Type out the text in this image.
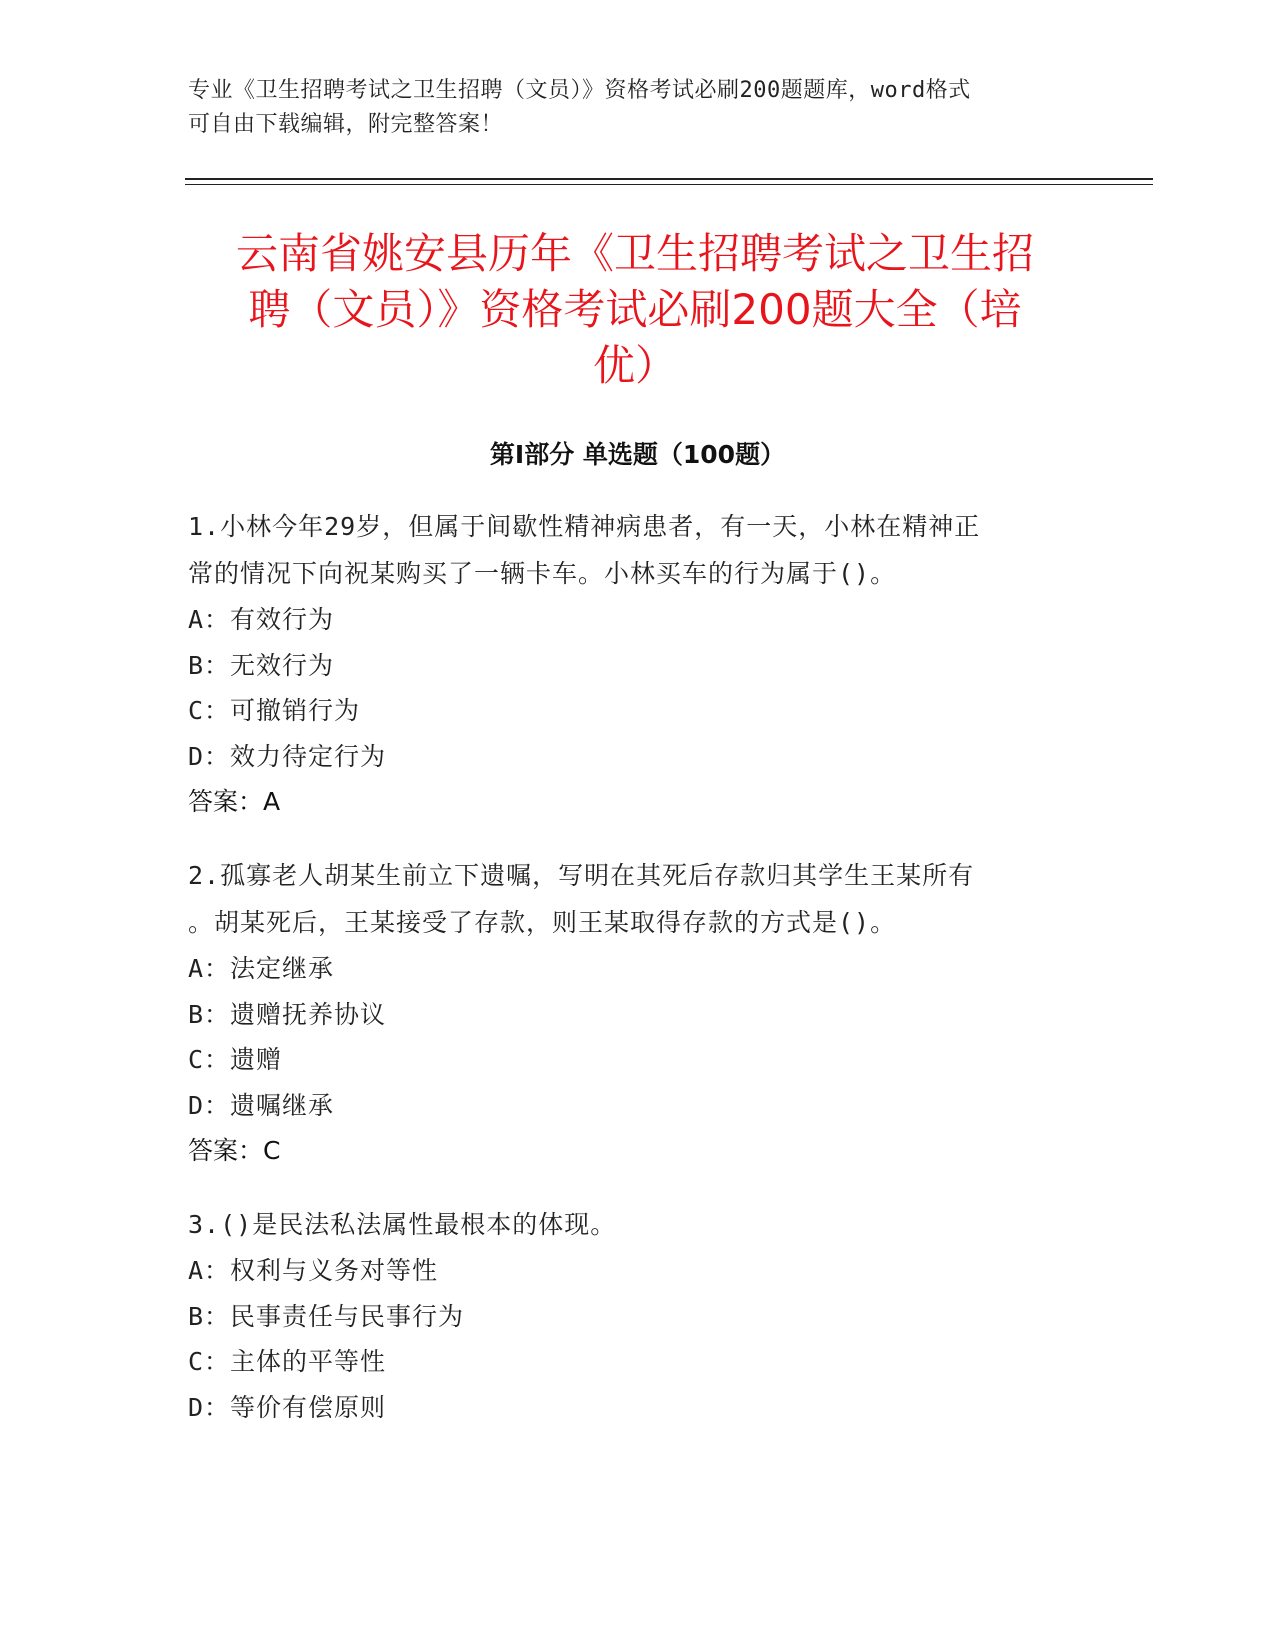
专业《卫生招聘考试之卫生招聘（文员）》资格考试必刷200题题库，word格式
可自由下载编辑，附完整答案！
云南省姚安县历年《卫生招聘考试之卫生招
聘（文员）》资格考试必刷200题大全（培
优）
第Ⅰ部分 单选题（100题）
1.小林今年29岁，但属于间歇性精神病患者，有一天，小林在精神正
常的情况下向祝某购买了一辆卡车。小林买车的行为属于()。
A：有效行为
B：无效行为
C：可撤销行为
D：效力待定行为
答案：A
2.孤寡老人胡某生前立下遗嘱，写明在其死后存款归其学生王某所有
。胡某死后，王某接受了存款，则王某取得存款的方式是()。
A：法定继承
B：遗赠抚养协议
C：遗赠
D：遗嘱继承
答案：C
3.()是民法私法属性最根本的体现。
A：权利与义务对等性
B：民事责任与民事行为
C：主体的平等性
D：等价有偿原则
